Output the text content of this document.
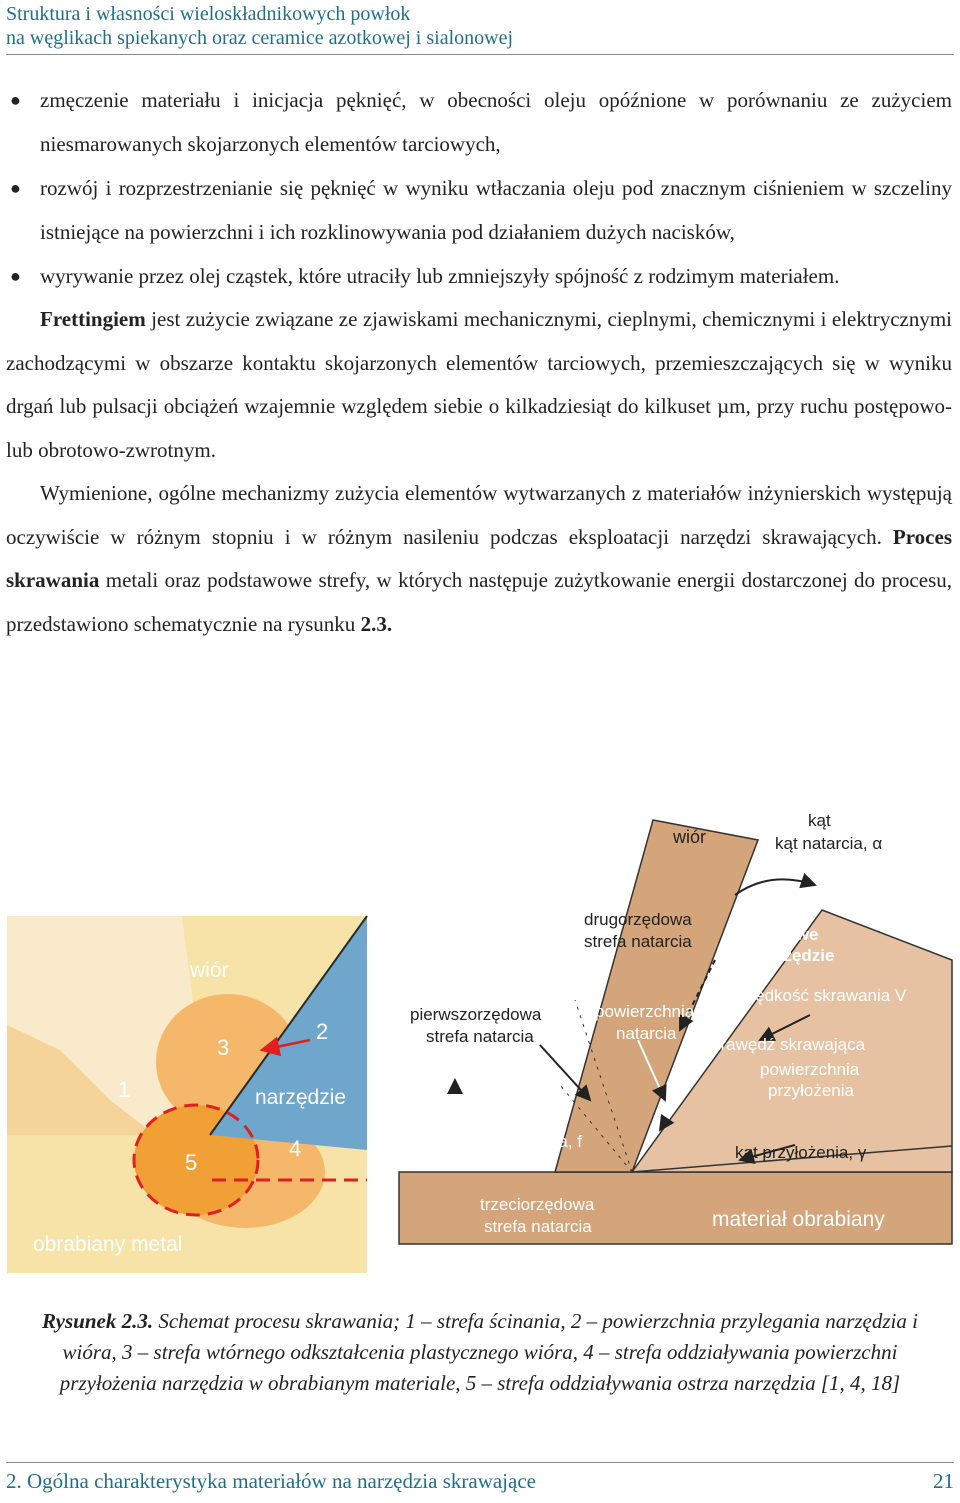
Struktura i własności wieloskładnikowych powłok
na węglikach spiekanych oraz ceramice azotkowej i sialonowej
● zmęczenie materiału i inicjacja pęknięć, w obecności oleju opóźnione w porównaniu ze zużyciem niesmarowanych skojarzonych elementów tarciowych,
● rozwój i rozprzestrzenianie się pęknięć w wyniku wtłaczania oleju pod znacznym ciśnieniem w szczeliny istniejące na powierzchni i ich rozklinowywania pod działaniem dużych nacisków,
● wyrywanie przez olej cząstek, które utraciły lub zmniejszyły spójność z rodzimym materiałem.

Frettingiem jest zużycie związane ze zjawiskami mechanicznymi, cieplnymi, chemicznymi i elektrycznymi zachodzącymi w obszarze kontaktu skojarzonych elementów tarciowych, przemieszczających się w wyniku drgań lub pulsacji obciążeń wzajemnie względem siebie o kilkadziesiąt do kilkuset µm, przy ruchu postępowo- lub obrotowo-zwrotnym.

Wymienione, ogólne mechanizmy zużycia elementów wytwarzanych z materiałów inżynierskich występują oczywiście w różnym stopniu i w różnym nasileniu podczas eksploatacji narzędzi skrawających. Proces skrawania metali oraz podstawowe strefy, w których następuje zużytkowanie energii dostarczonej do procesu, przedstawiono schematycznie na rysunku 2.3.

wiór
narzędzie
obrabiany metal
1
2
3
4
5
wiór
kąt
kąt natarcia, α
drugorzędowa
strefa natarcia	nowe
narzędzie
prędkość skrawania V
pierwszorzędowa
strefa natarcia
powierzchnia
natarcia
krawędź skrawająca
powierzchnia
przyłożenia
r
płaszczyzna
ścinania
kąt ścinania, f
kąt przyłożenia, γ
trzeciorzędowa
strefa natarcia	materiał obrabiany
Rysunek 2.3. Schemat procesu skrawania; 1 – strefa ścinania, 2 – powierzchnia przylegania narzędzia i wióra, 3 – strefa wtórnego odkształcenia plastycznego wióra, 4 – strefa oddziaływania powierzchni przyłożenia narzędzia w obrabianym materiale, 5 – strefa oddziaływania ostrza narzędzia [1, 4, 18]
2. Ogólna charakterystyka materiałów na narzędzia skrawające	21
